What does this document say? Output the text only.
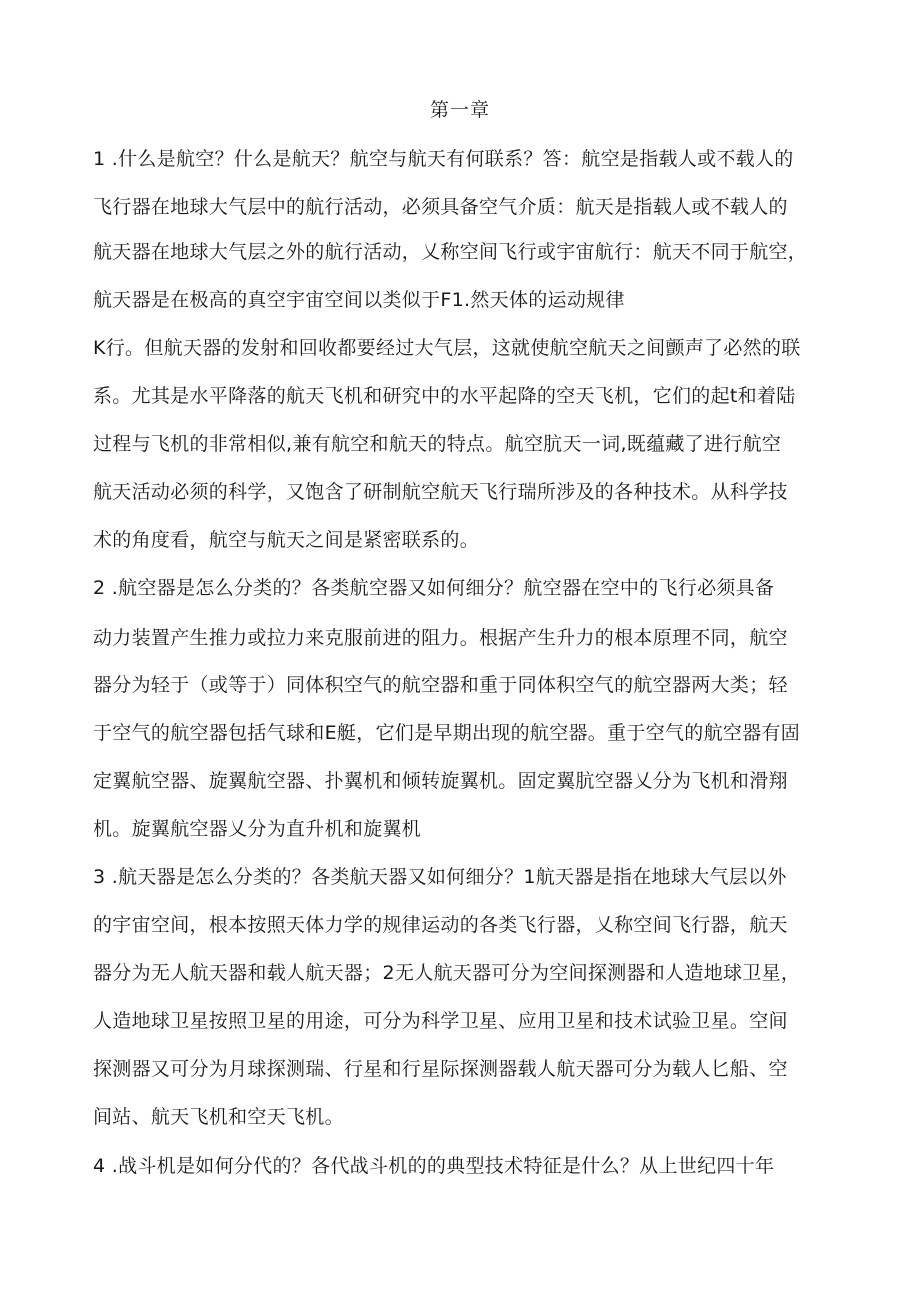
第一章
1 .什么是航空？什么是航天？航空与航天有何联系？答：航空是指载人或不载人的
飞行器在地球大气层中的航行活动，必须具备空气介质：航天是指载人或不载人的
航天器在地球大气层之外的航行活动，乂称空间飞行或宇宙航行：航天不同于航空，
航天器是在极高的真空宇宙空间以类似于F1.然天体的运动规律
K行。但航天器的发射和回收都要经过大气层，这就使航空航天之间颤声了必然的联
系。尤其是水平降落的航天飞机和研究中的水平起降的空天飞机，它们的起t和着陆
过程与飞机的非常相似,兼有航空和航天的特点。航空肮天一词,既蕴藏了进行航空
航天活动必须的科学，又饱含了研制航空航天飞行瑞所涉及的各种技术。从科学技
术的角度看，航空与航天之间是紧密联系的。
2 .航空器是怎么分类的？各类航空器又如何细分？航空器在空中的飞行必须具备
动力装置产生推力或拉力来克服前进的阻力。根据产生升力的根本原理不同，航空
器分为轻于（或等于）同体积空气的航空器和重于同体积空气的航空器两大类；轻
于空气的航空器包括气球和E艇，它们是早期出现的航空器。重于空气的航空器有固
定翼航空器、旋翼航空器、扑翼机和倾转旋翼机。固定翼肮空器乂分为飞机和滑翔
机。旋翼航空器乂分为直升机和旋翼机
3 .航天器是怎么分类的？各类航天器又如何细分？1航天器是指在地球大气层以外
的宇宙空间，根本按照天体力学的规律运动的各类飞行器，乂称空间飞行器，航天
器分为无人航天器和载人航天器；2无人航天器可分为空间探测器和人造地球卫星，
人造地球卫星按照卫星的用途，可分为科学卫星、应用卫星和技术试验卫星。空间
探测器又可分为月球探测瑞、行星和行星际探测器载人航天器可分为载人匕船、空
间站、航天飞机和空天飞机。
4 .战斗机是如何分代的？各代战斗机的的典型技术特征是什么？从上世纪四十年
